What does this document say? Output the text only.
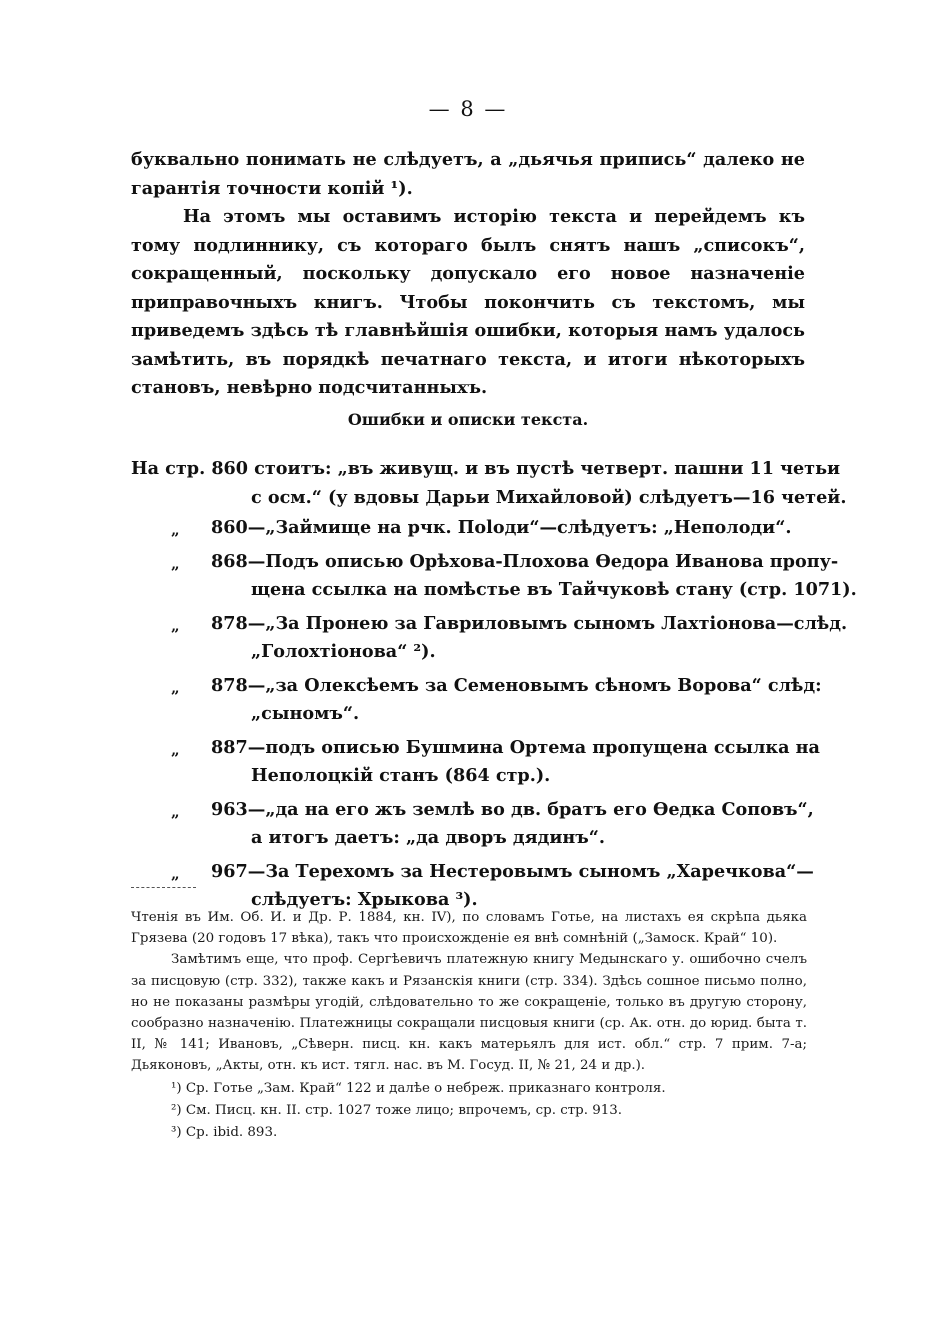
— 8 —
буквально понимать не слѣдуетъ, а „дьячья припись“ далеко не гарантія точности копій ¹).
На этомъ мы оставимъ исторію текста и перейдемъ къ тому подлиннику, съ котораго былъ снятъ нашъ „списокъ“, сокращенный, поскольку допускало его новое назначеніе приправочныхъ книгъ. Чтобы покончить съ текстомъ, мы приведемъ здѣсь тѣ главнѣйшія ошибки, которыя намъ удалось замѣтить, въ порядкѣ печатнаго текста, и итоги нѣкоторыхъ становъ, невѣрно подсчитанныхъ.
Ошибки и описки текста.
На стр. 860 стоитъ: „въ живущ. и въ пустѣ четверт. пашни 11 четьи
с осм.“ (у вдовы Дарьи Михайловой) слѣдуетъ—16 четей.
„	860—„Займище на рчк. Пolоди“—слѣдуетъ: „Неполоди“.
„	868—Подъ описью Орѣхова-Плохова Ѳедора Иванова пропу-
щена ссылка на помѣстье въ Тайчуковѣ стану (стр. 1071).
„	878—„За Пронею за Гавриловымъ сыномъ Лахтіонова—слѣд.
„Голохтіонова“ ²).
„	878—„за Олексѣемъ за Семеновымъ сѣномъ Ворова“ слѣд:
„сыномъ“.
„	887—подъ описью Бушмина Ортема пропущена ссылка на
Неполоцкій станъ (864 стр.).
„	963—„да на его жъ землѣ во дв. братъ его Ѳедка Соповъ“,
а итогъ даетъ: „да дворъ дядинъ“.
„	967—За Терехомъ за Нестеровымъ сыномъ „Харечкова“—
слѣдуетъ: Хрыкова ³).

Чтенія въ Им. Об. И. и Др. Р. 1884, кн. IV), по словамъ Готье, на листахъ ея скрѣпа дьяка Грязева (20 годовъ 17 вѣка), такъ что происхожденіе ея внѣ сомнѣній („Замоск. Край“ 10).

Замѣтимъ еще, что проф. Сергѣевичъ платежную книгу Медынскаго у. ошибочно счелъ за писцовую (стр. 332), также какъ и Рязанскія книги (стр. 334). Здѣсь сошное письмо полно, но не показаны размѣры угодій, слѣдовательно то же сокращеніе, только въ другую сторону, сообразно назначенію. Платежницы сокращали писцовыя книги (ср. Ак. отн. до юрид. быта т. II, № 141; Ивановъ, „Сѣверн. писц. кн. какъ матерьялъ для ист. обл.“ стр. 7 прим. 7-а; Дьяконовъ, „Акты, отн. къ ист. тягл. нас. въ М. Госуд. II, № 21, 24 и др.).

¹) Ср. Готье „Зам. Край“ 122 и далѣе о небреж. приказнаго контроля.

²) См. Писц. кн. II. стр. 1027 тоже лицо; впрочемъ, ср. стр. 913.

³) Ср. ibid. 893.
